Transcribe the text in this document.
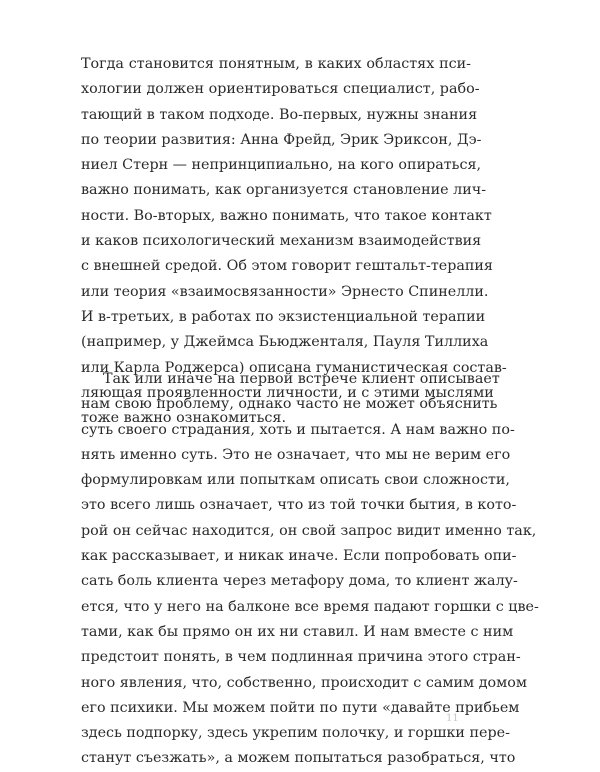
Тогда становится понятным, в каких областях пси-
хологии должен ориентироваться специалист, рабо-
тающий в таком подходе. Во-первых, нужны знания
по теории развития: Анна Фрейд, Эрик Эриксон, Дэ-
ниел Стерн — непринципиально, на кого опираться,
важно понимать, как организуется становление лич-
ности. Во-вторых, важно понимать, что такое контакт
и каков психологический механизм взаимодействия
с внешней средой. Об этом говорит гештальт-терапия
или теория «взаимосвязанности» Эрнесто Спинелли.
И в-третьих, в работах по экзистенциальной терапии
(например, у Джеймса Бьюдженталя, Пауля Тиллиха
или Карла Роджерса) описана гуманистическая состав-
ляющая проявленности личности, и с этими мыслями
тоже важно ознакомиться.
Так или иначе на первой встрече клиент описывает
нам свою проблему, однако часто не может объяснить
суть своего страдания, хоть и пытается. А нам важно по-
нять именно суть. Это не означает, что мы не верим его
формулировкам или попыткам описать свои сложности,
это всего лишь означает, что из той точки бытия, в кото-
рой он сейчас находится, он свой запрос видит именно так,
как рассказывает, и никак иначе. Если попробовать опи-
сать боль клиента через метафору дома, то клиент жалу-
ется, что у него на балконе все время падают горшки с цве-
тами, как бы прямо он их ни ставил. И нам вместе с ним
предстоит понять, в чем подлинная причина этого стран-
ного явления, что, собственно, происходит с самим домом
его психики. Мы можем пойти по пути «давайте прибьем
здесь подпорку, здесь укрепим полочку, и горшки пере-
станут съезжать», а можем попытаться разобраться, что
11
